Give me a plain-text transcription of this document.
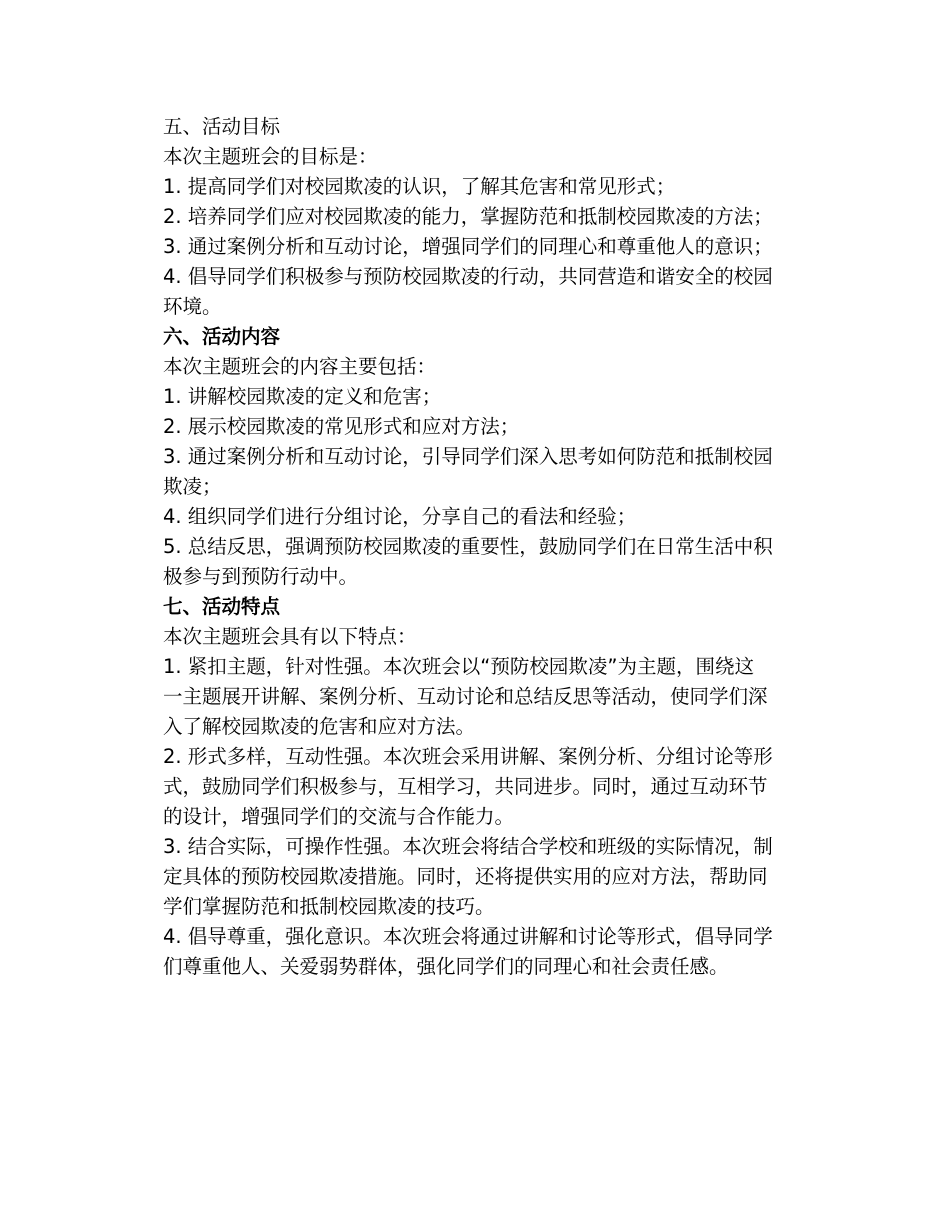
五、活动目标

本次主题班会的目标是：

1. 提高同学们对校园欺凌的认识，了解其危害和常见形式；

2. 培养同学们应对校园欺凌的能力，掌握防范和抵制校园欺凌的方法；

3. 通过案例分析和互动讨论，增强同学们的同理心和尊重他人的意识；

4. 倡导同学们积极参与预防校园欺凌的行动，共同营造和谐安全的校园环境。

六、活动内容

本次主题班会的内容主要包括：

1. 讲解校园欺凌的定义和危害；

2. 展示校园欺凌的常见形式和应对方法；

3. 通过案例分析和互动讨论，引导同学们深入思考如何防范和抵制校园欺凌；

4. 组织同学们进行分组讨论，分享自己的看法和经验；

5. 总结反思，强调预防校园欺凌的重要性，鼓励同学们在日常生活中积极参与到预防行动中。

七、活动特点

本次主题班会具有以下特点：

1. 紧扣主题，针对性强。本次班会以“预防校园欺凌”为主题，围绕这一主题展开讲解、案例分析、互动讨论和总结反思等活动，使同学们深入了解校园欺凌的危害和应对方法。

2. 形式多样，互动性强。本次班会采用讲解、案例分析、分组讨论等形式，鼓励同学们积极参与，互相学习，共同进步。同时，通过互动环节的设计，增强同学们的交流与合作能力。

3. 结合实际，可操作性强。本次班会将结合学校和班级的实际情况，制定具体的预防校园欺凌措施。同时，还将提供实用的应对方法，帮助同学们掌握防范和抵制校园欺凌的技巧。

4. 倡导尊重，强化意识。本次班会将通过讲解和讨论等形式，倡导同学们尊重他人、关爱弱势群体，强化同学们的同理心和社会责任感。
